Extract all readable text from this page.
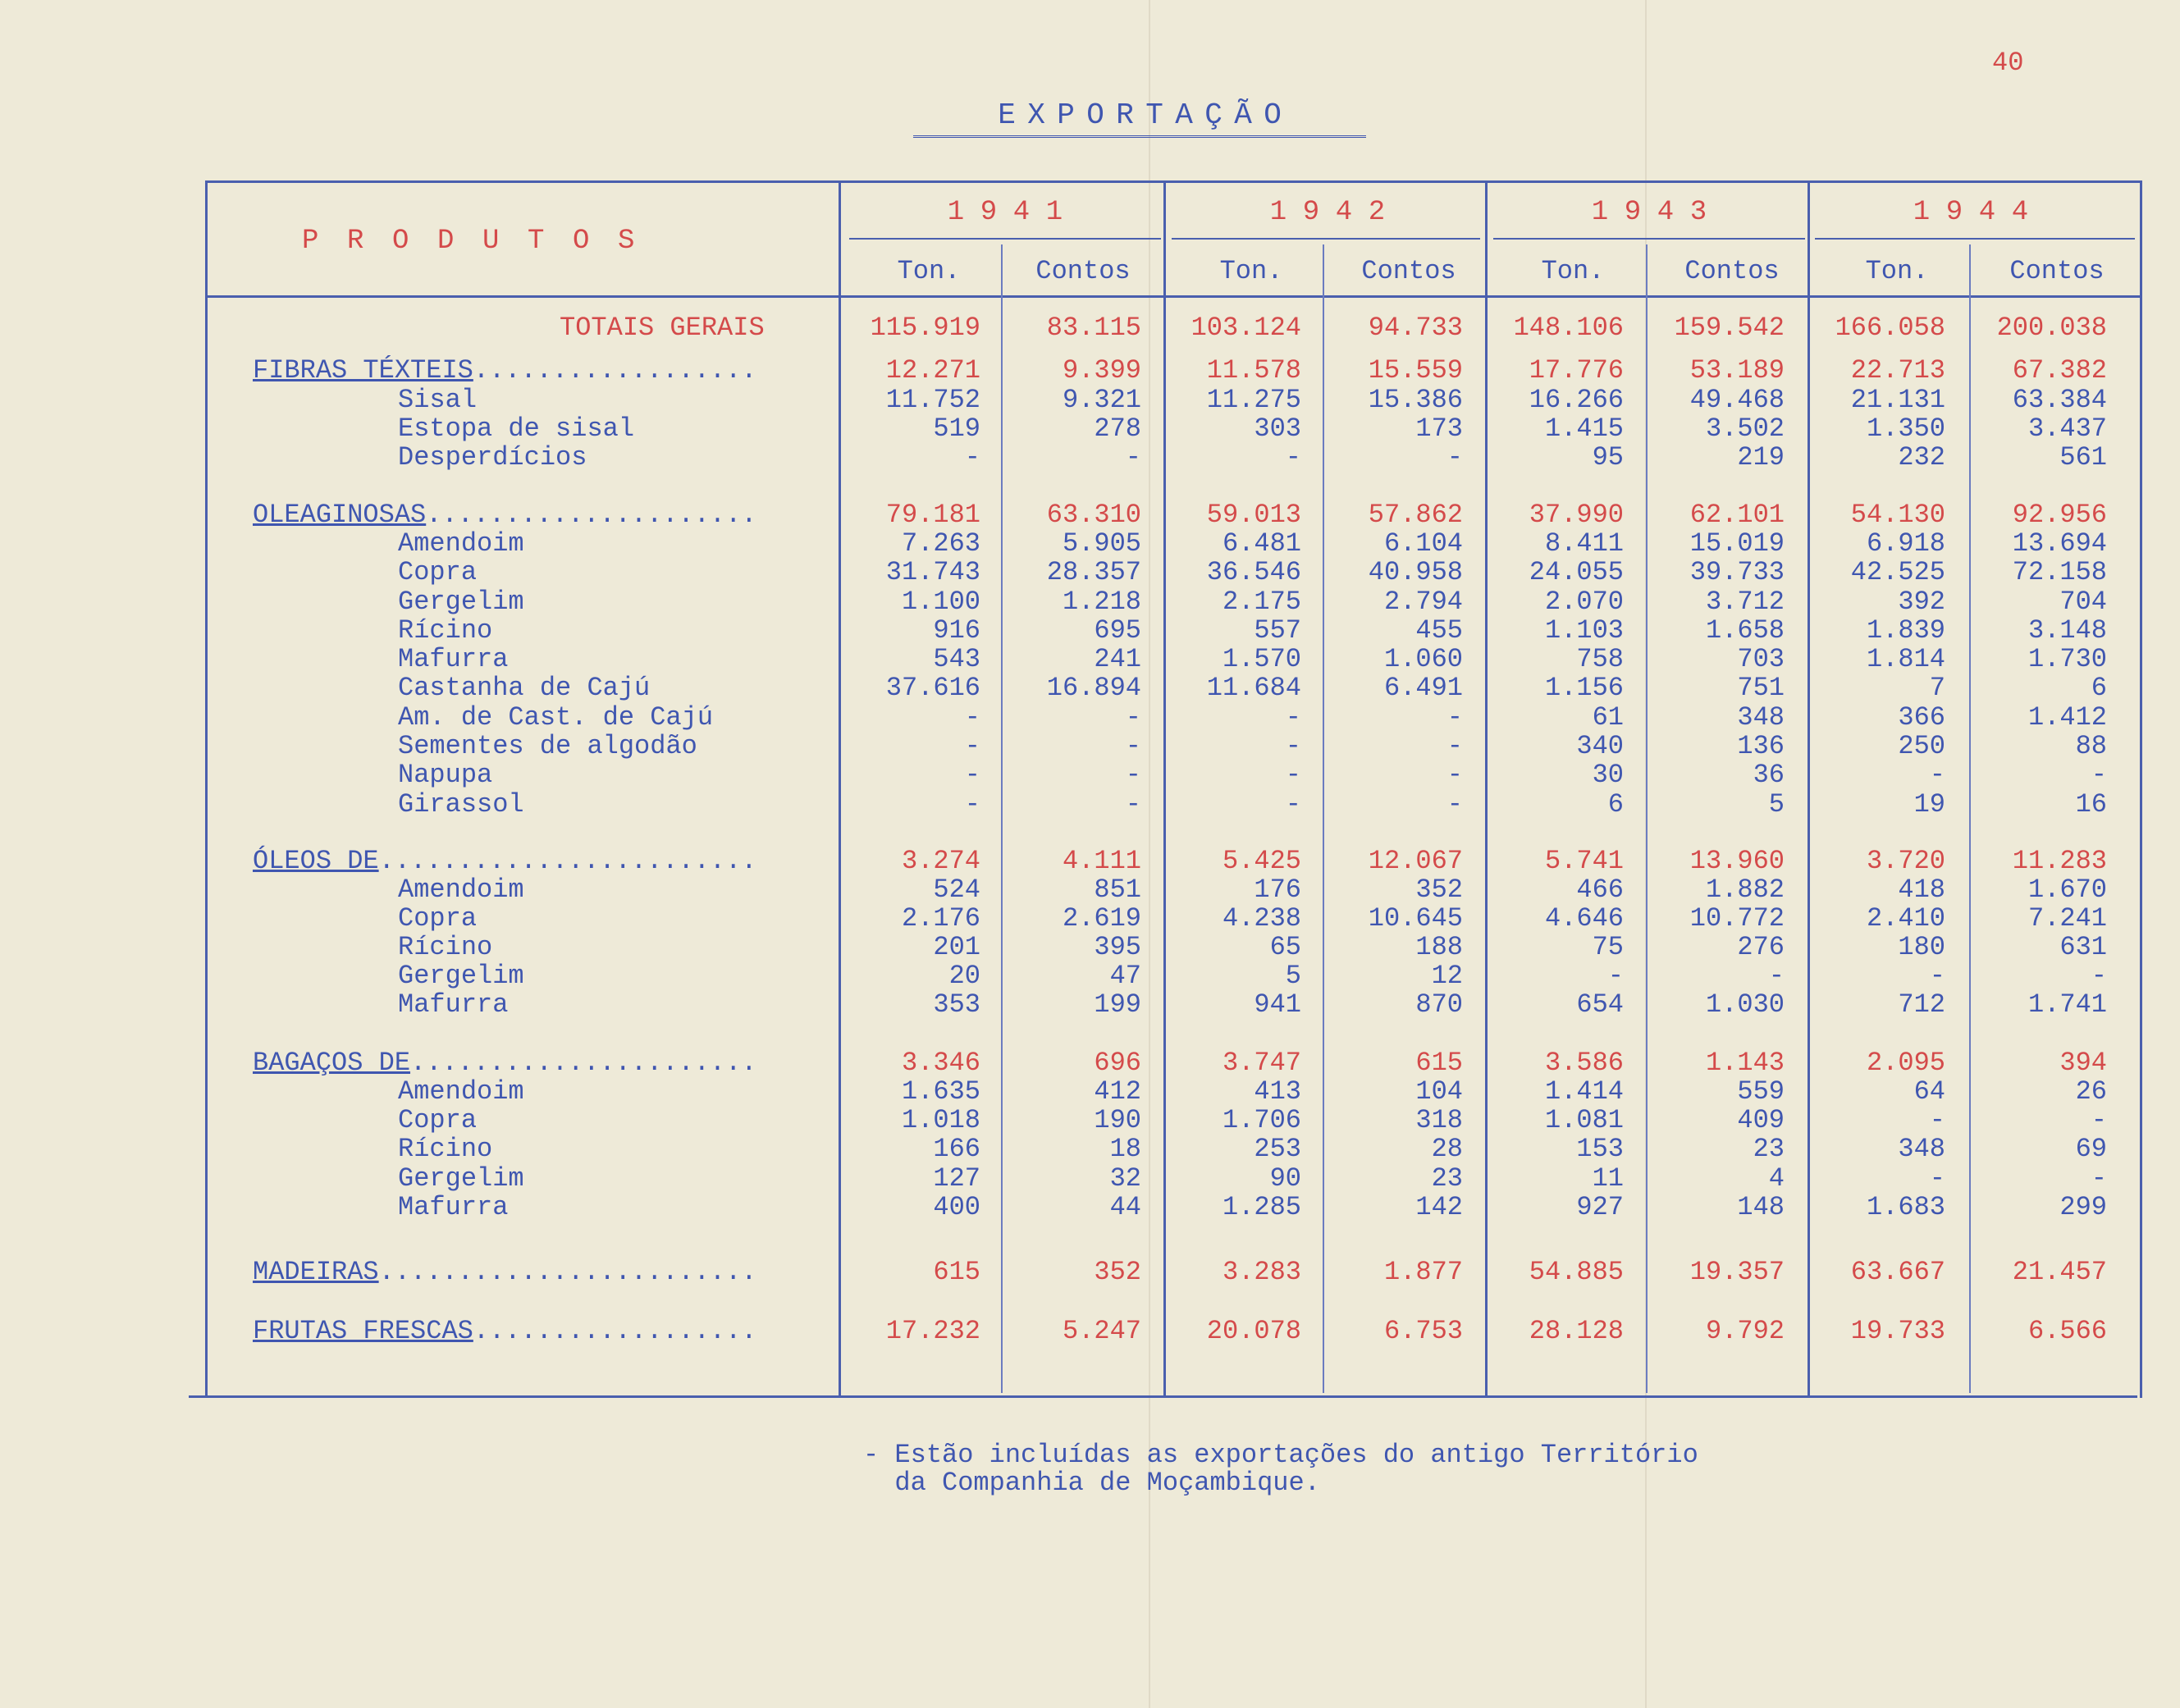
40
E X P O R T A Ç Ã O
P R O D U T O S
1 9 4 1	1 9 4 2	1 9 4 3	1 9 4 4
Ton.	Contos	Ton.	Contos	Ton.	Contos	Ton.	Contos
TOTAIS GERAIS	115.919	83.115	103.124	94.733	148.106	159.542	166.058	200.038
FIBRAS TÉXTEIS..................	12.271	9.399	11.578	15.559	17.776	53.189	22.713	67.382
Sisal	11.752	9.321	11.275	15.386	16.266	49.468	21.131	63.384
Estopa de sisal	519	278	303	173	1.415	3.502	1.350	3.437
Desperdícios	-	-	-	-	95	219	232	561
OLEAGINOSAS.....................	79.181	63.310	59.013	57.862	37.990	62.101	54.130	92.956
Amendoim	7.263	5.905	6.481	6.104	8.411	15.019	6.918	13.694
Copra	31.743	28.357	36.546	40.958	24.055	39.733	42.525	72.158
Gergelim	1.100	1.218	2.175	2.794	2.070	3.712	392	704
Rícino	916	695	557	455	1.103	1.658	1.839	3.148
Mafurra	543	241	1.570	1.060	758	703	1.814	1.730
Castanha de Cajú	37.616	16.894	11.684	6.491	1.156	751	7	6
Am. de Cast. de Cajú	-	-	-	-	61	348	366	1.412
Sementes de algodão	-	-	-	-	340	136	250	88
Napupa	-	-	-	-	30	36	-	-
Girassol	-	-	-	-	6	5	19	16
ÓLEOS DE........................	3.274	4.111	5.425	12.067	5.741	13.960	3.720	11.283
Amendoim	524	851	176	352	466	1.882	418	1.670
Copra	2.176	2.619	4.238	10.645	4.646	10.772	2.410	7.241
Rícino	201	395	65	188	75	276	180	631
Gergelim	20	47	5	12	-	-	-	-
Mafurra	353	199	941	870	654	1.030	712	1.741
BAGAÇOS DE......................	3.346	696	3.747	615	3.586	1.143	2.095	394
Amendoim	1.635	412	413	104	1.414	559	64	26
Copra	1.018	190	1.706	318	1.081	409	-	-
Rícino	166	18	253	28	153	23	348	69
Gergelim	127	32	90	23	11	4	-	-
Mafurra	400	44	1.285	142	927	148	1.683	299
MADEIRAS........................	615	352	3.283	1.877	54.885	19.357	63.667	21.457
FRUTAS FRESCAS..................	17.232	5.247	20.078	6.753	28.128	9.792	19.733	6.566
- Estão incluídas as exportações do antigo Território
da Companhia de Moçambique.
